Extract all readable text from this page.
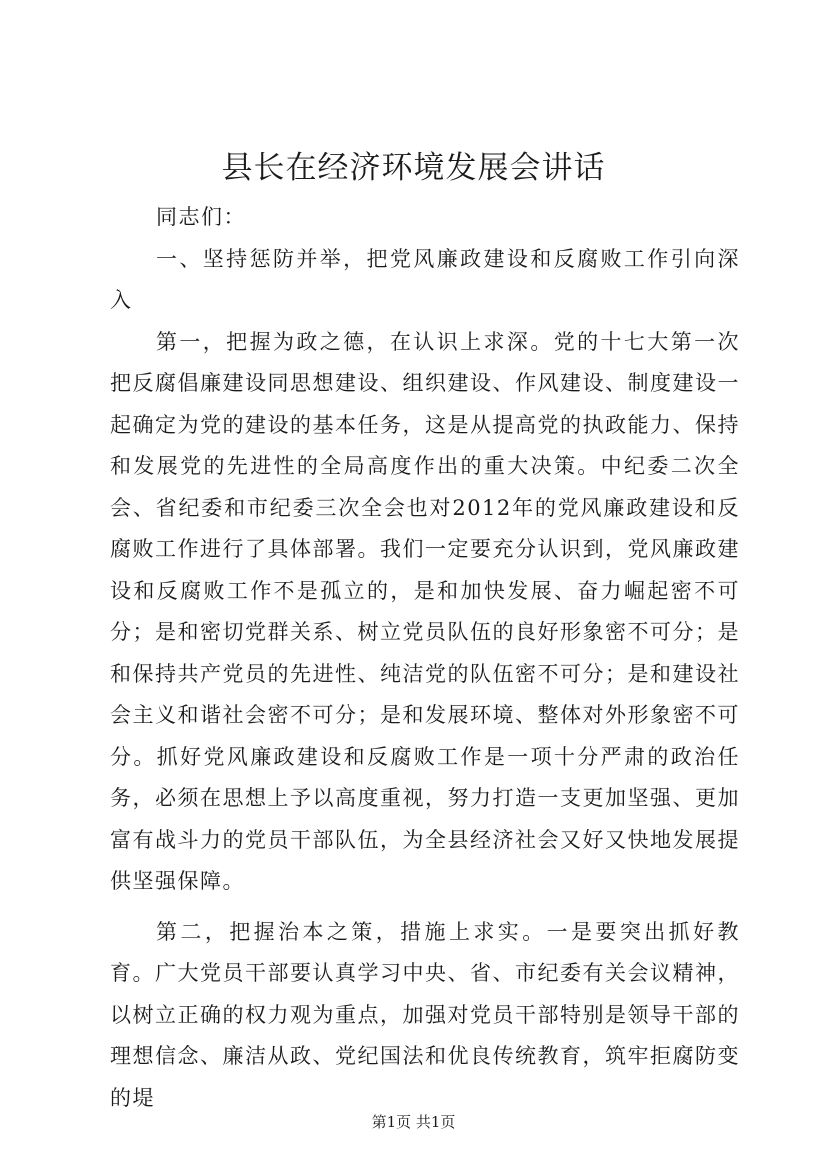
县长在经济环境发展会讲话

同志们：

一、坚持惩防并举，把党风廉政建设和反腐败工作引向深入

第一，把握为政之德，在认识上求深。党的十七大第一次把反腐倡廉建设同思想建设、组织建设、作风建设、制度建设一起确定为党的建设的基本任务，这是从提高党的执政能力、保持和发展党的先进性的全局高度作出的重大决策。中纪委二次全会、省纪委和市纪委三次全会也对2012年的党风廉政建设和反腐败工作进行了具体部署。我们一定要充分认识到，党风廉政建设和反腐败工作不是孤立的，是和加快发展、奋力崛起密不可分；是和密切党群关系、树立党员队伍的良好形象密不可分；是和保持共产党员的先进性、纯洁党的队伍密不可分；是和建设社会主义和谐社会密不可分；是和发展环境、整体对外形象密不可分。抓好党风廉政建设和反腐败工作是一项十分严肃的政治任务，必须在思想上予以高度重视，努力打造一支更加坚强、更加富有战斗力的党员干部队伍，为全县经济社会又好又快地发展提供坚强保障。

第二，把握治本之策，措施上求实。一是要突出抓好教育。广大党员干部要认真学习中央、省、市纪委有关会议精神，以树立正确的权力观为重点，加强对党员干部特别是领导干部的理想信念、廉洁从政、党纪国法和优良传统教育，筑牢拒腐防变的堤

第1页 共1页
